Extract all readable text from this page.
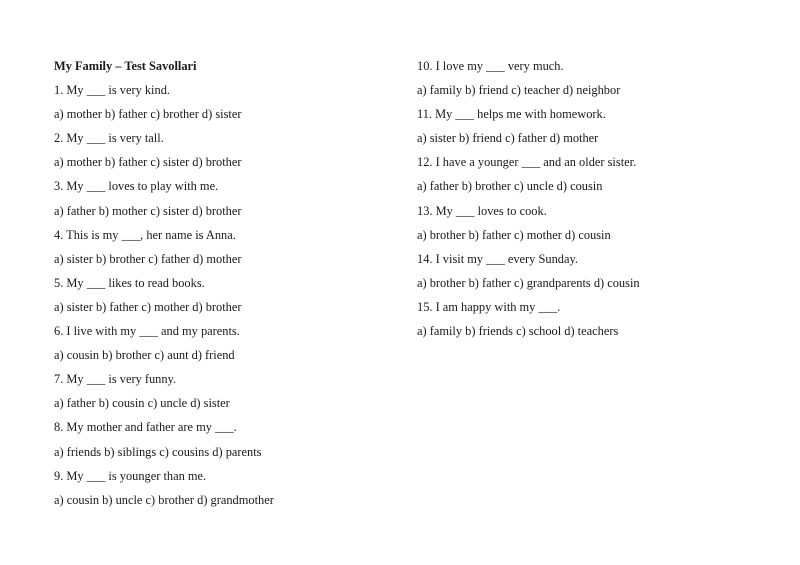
My Family – Test Savollari
1. My ___ is very kind.
a) mother b) father c) brother d) sister
2. My ___ is very tall.
a) mother b) father c) sister d) brother
3. My ___ loves to play with me.
a) father b) mother c) sister d) brother
4. This is my ___, her name is Anna.
a) sister b) brother c) father d) mother
5. My ___ likes to read books.
a) sister b) father c) mother d) brother
6. I live with my ___ and my parents.
a) cousin b) brother c) aunt d) friend
7. My ___ is very funny.
a) father b) cousin c) uncle d) sister
8. My mother and father are my ___.
a) friends b) siblings c) cousins d) parents
9. My ___ is younger than me.
a) cousin b) uncle c) brother d) grandmother
10. I love my ___ very much.
a) family b) friend c) teacher d) neighbor
11. My ___ helps me with homework.
a) sister b) friend c) father d) mother
12. I have a younger ___ and an older sister.
a) father b) brother c) uncle d) cousin
13. My ___ loves to cook.
a) brother b) father c) mother d) cousin
14. I visit my ___ every Sunday.
a) brother b) father c) grandparents d) cousin
15. I am happy with my ___.
a) family b) friends c) school d) teachers
